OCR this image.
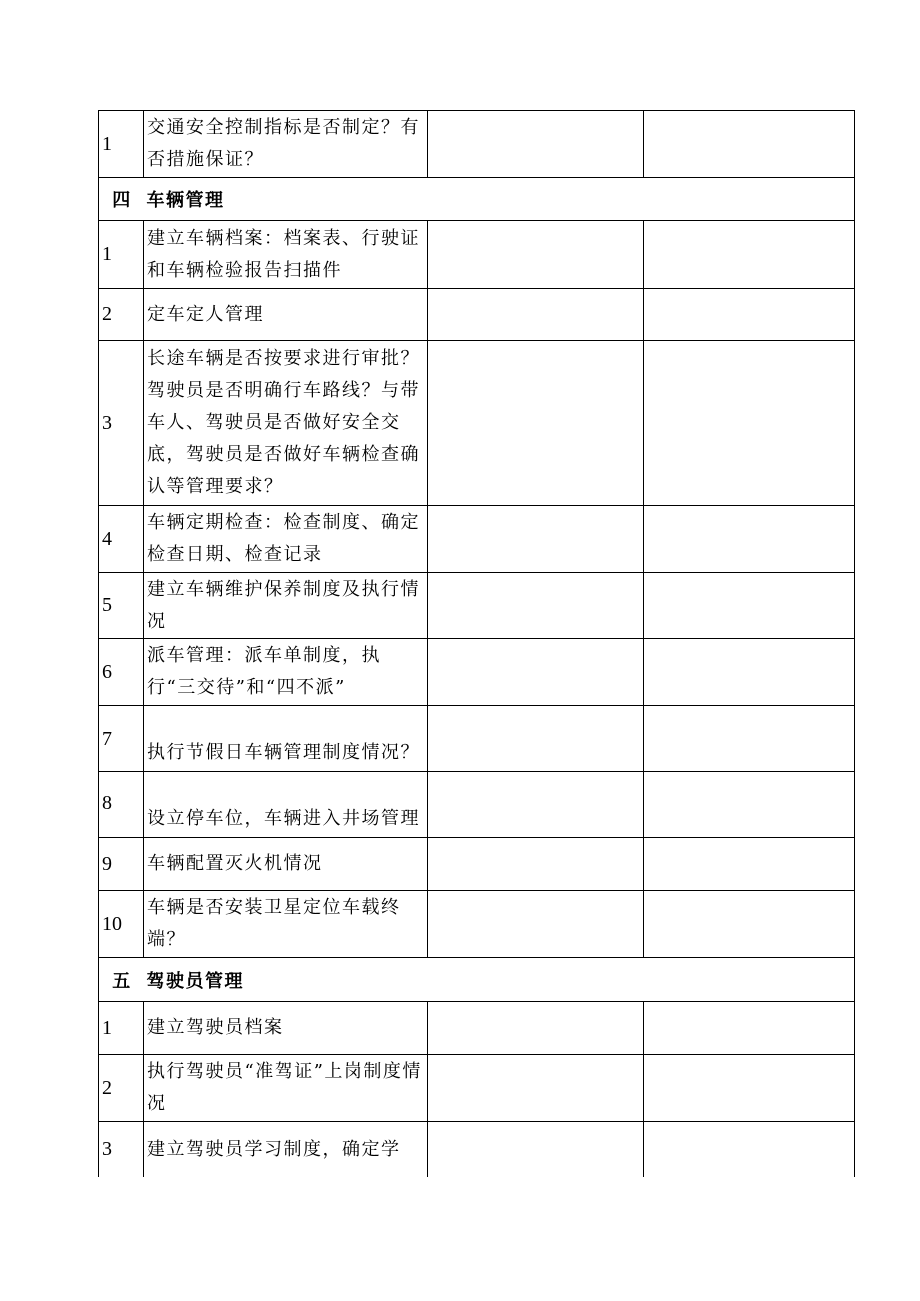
1	交通安全控制指标是否制定？有否措施保证？		
四	车辆管理		
1	建立车辆档案：档案表、行驶证和车辆检验报告扫描件		
2	定车定人管理		
3	长途车辆是否按要求进行审批？驾驶员是否明确行车路线？与带车人、驾驶员是否做好安全交底，驾驶员是否做好车辆检查确认等管理要求？		
4	车辆定期检查：检查制度、确定检查日期、检查记录		
5	建立车辆维护保养制度及执行情况		
6	派车管理：派车单制度，执行“三交待”和“四不派”		
7	执行节假日车辆管理制度情况？		
8	设立停车位，车辆进入井场管理		
9	车辆配置灭火机情况		
10	车辆是否安装卫星定位车载终端？		
五	驾驶员管理		
1	建立驾驶员档案		
2	执行驾驶员“准驾证”上岗制度情况		
3	建立驾驶员学习制度，确定学		
